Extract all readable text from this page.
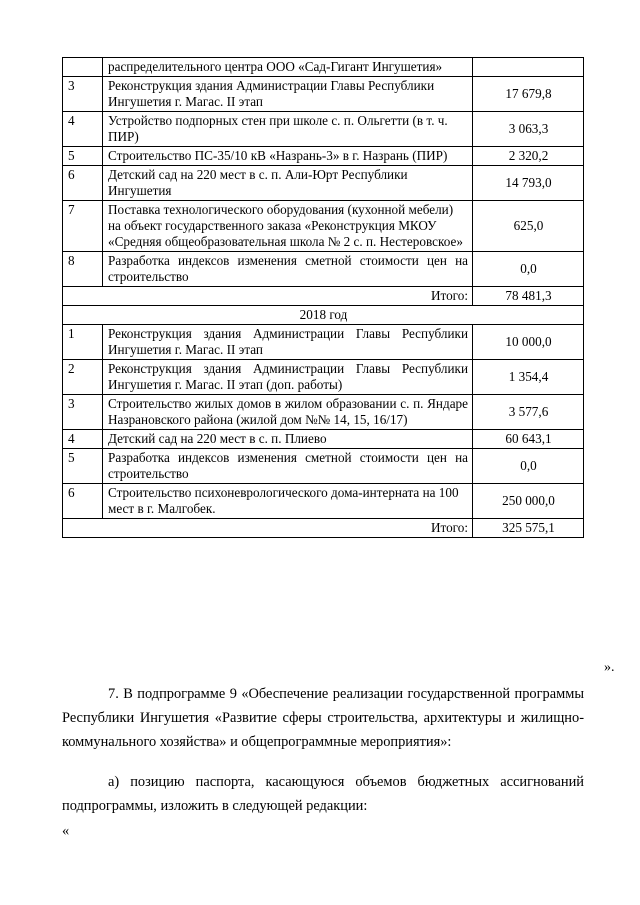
	распределительного центра ООО «Сад-Гигант Ингушетия»	
3	Реконструкция здания Администрации Главы Республики Ингушетия г. Магас. II этап	17 679,8
4	Устройство подпорных стен при школе с. п. Ольгетти (в т. ч. ПИР)	3 063,3
5	Строительство ПС-35/10 кВ «Назрань-3» в г. Назрань (ПИР)	2 320,2
6	Детский сад на 220 мест в с. п. Али-Юрт Республики Ингушетия	14 793,0
7	Поставка технологического оборудования (кухонной мебели) на объект государственного заказа «Реконструкция МКОУ «Средняя общеобразовательная школа № 2 с. п. Нестеровское»	625,0
8	Разработка индексов изменения сметной стоимости цен на строительство	0,0
Итого:		78 481,3
2018 год		
1	Реконструкция здания Администрации Главы Республики Ингушетия г. Магас. II этап	10 000,0
2	Реконструкция здания Администрации Главы Республики Ингушетия г. Магас. II этап (доп. работы)	1 354,4
3	Строительство жилых домов в жилом образовании с. п. Яндаре Назрановского района (жилой дом №№ 14, 15, 16/17)	3 577,6
4	Детский сад на 220 мест в с. п. Плиево	60 643,1
5	Разработка индексов изменения сметной стоимости цен на строительство	0,0
6	Строительство психоневрологического дома-интерната на 100 мест в г. Малгобек.	250 000,0
Итого:		325 575,1
».
7. В подпрограмме 9 «Обеспечение реализации государственной программы Республики Ингушетия «Развитие сферы строительства, архитектуры и жилищно-коммунального хозяйства» и общепрограммные мероприятия»:
а) позицию паспорта, касающуюся объемов бюджетных ассигнований подпрограммы, изложить в следующей редакции:
«
